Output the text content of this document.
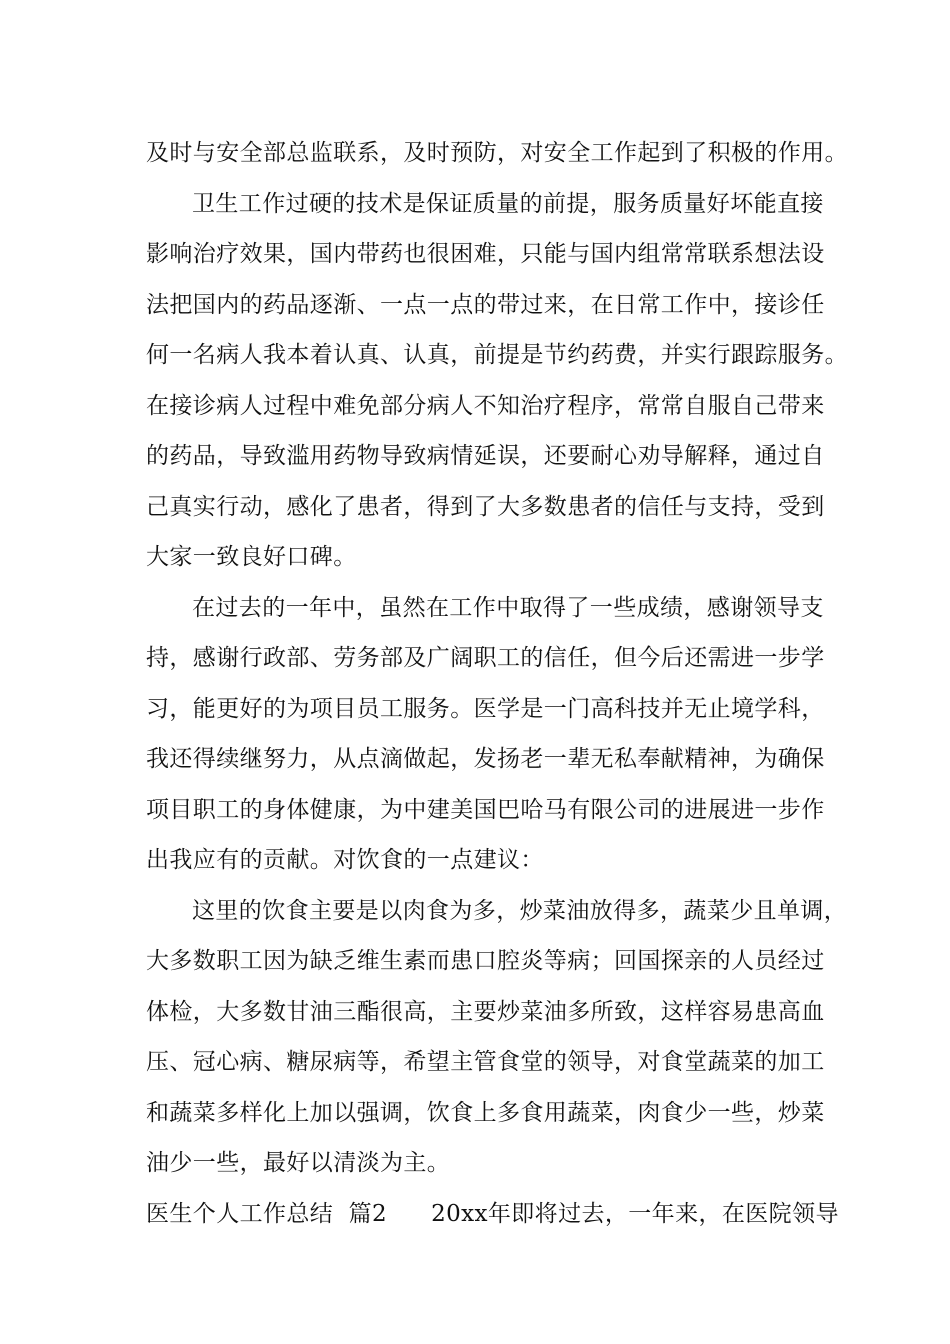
及时与安全部总监联系，及时预防，对安全工作起到了积极的作用。
卫生工作过硬的技术是保证质量的前提，服务质量好坏能直接
影响治疗效果，国内带药也很困难，只能与国内组常常联系想法设
法把国内的药品逐渐、一点一点的带过来，在日常工作中，接诊任
何一名病人我本着认真、认真，前提是节约药费，并实行跟踪服务。
在接诊病人过程中难免部分病人不知治疗程序，常常自服自己带来
的药品，导致滥用药物导致病情延误，还要耐心劝导解释，通过自
己真实行动，感化了患者，得到了大多数患者的信任与支持，受到
大家一致良好口碑。
在过去的一年中，虽然在工作中取得了一些成绩，感谢领导支
持，感谢行政部、劳务部及广阔职工的信任，但今后还需进一步学
习，能更好的为项目员工服务。医学是一门高科技并无止境学科，
我还得续继努力，从点滴做起，发扬老一辈无私奉献精神，为确保
项目职工的身体健康，为中建美国巴哈马有限公司的进展进一步作
出我应有的贡献。对饮食的一点建议：
这里的饮食主要是以肉食为多，炒菜油放得多，蔬菜少且单调，
大多数职工因为缺乏维生素而患口腔炎等病；回国探亲的人员经过
体检，大多数甘油三酯很高，主要炒菜油多所致，这样容易患高血
压、冠心病、糖尿病等，希望主管食堂的领导，对食堂蔬菜的加工
和蔬菜多样化上加以强调，饮食上多食用蔬菜，肉食少一些，炒菜
油少一些，最好以清淡为主。
医生个人工作总结  篇2 20xx年即将过去，一年来，在医院领导
